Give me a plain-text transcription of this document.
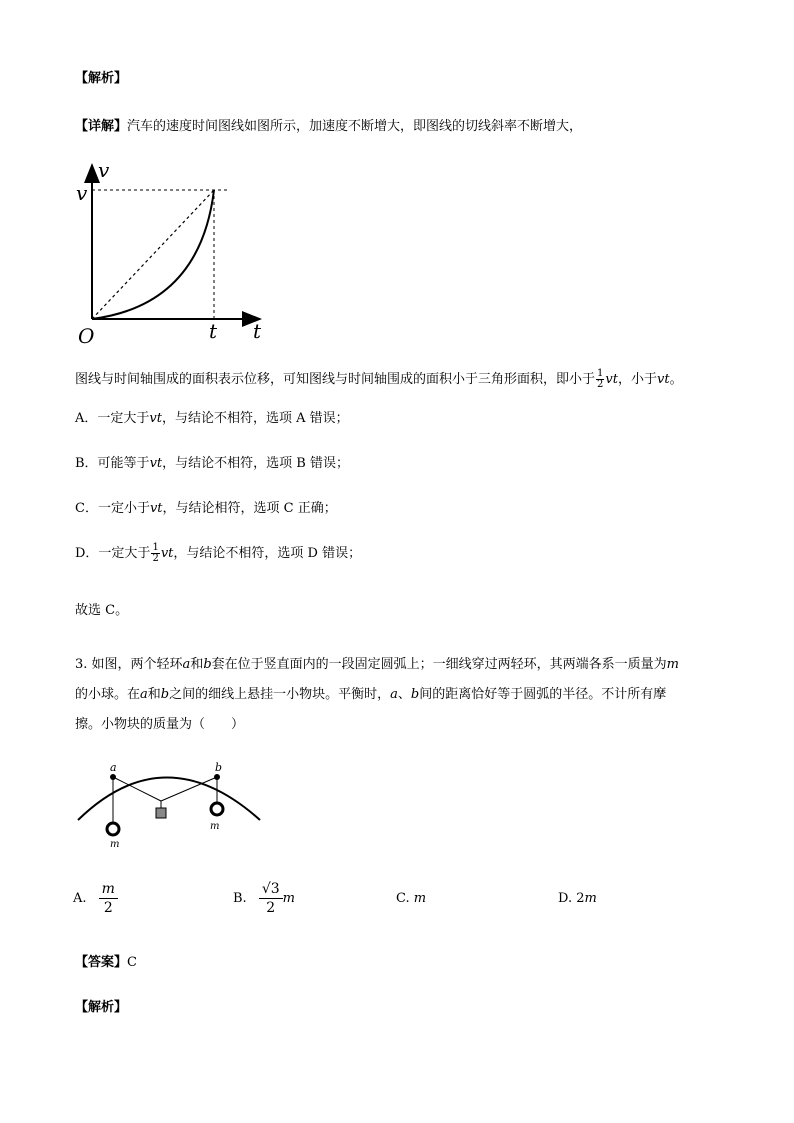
【解析】
【详解】汽车的速度时间图线如图所示，加速度不断增大，即图线的切线斜率不断增大，
v
v
O	t t
图线与时间轴围成的面积表示位移，可知图线与时间轴围成的面积小于三角形面积，即小于 $\frac{1}{2}$ vt，小于vt。
A．一定大于vt，与结论不相符，选项 A 错误；
B．可能等于vt，与结论不相符，选项 B 错误；
C．一定小于vt，与结论相符，选项 C 正确；
D．一定大于 $\frac{1}{2}$ vt，与结论不相符，选项 D 错误；
故选 C。
3. 如图，两个轻环a和b套在位于竖直面内的一段固定圆弧上；一细线穿过两轻环，其两端各系一质量为m
的小球。在a和b之间的细线上悬挂一小物块。平衡时，a、b间的距离恰好等于圆弧的半径。不计所有摩
擦。小物块的质量为（　　）
a	b
m
m
A. $\frac{m}{2}$	B. $\frac{√3}{2}$ m	C. m	D. 2m
【答案】C
【解析】
